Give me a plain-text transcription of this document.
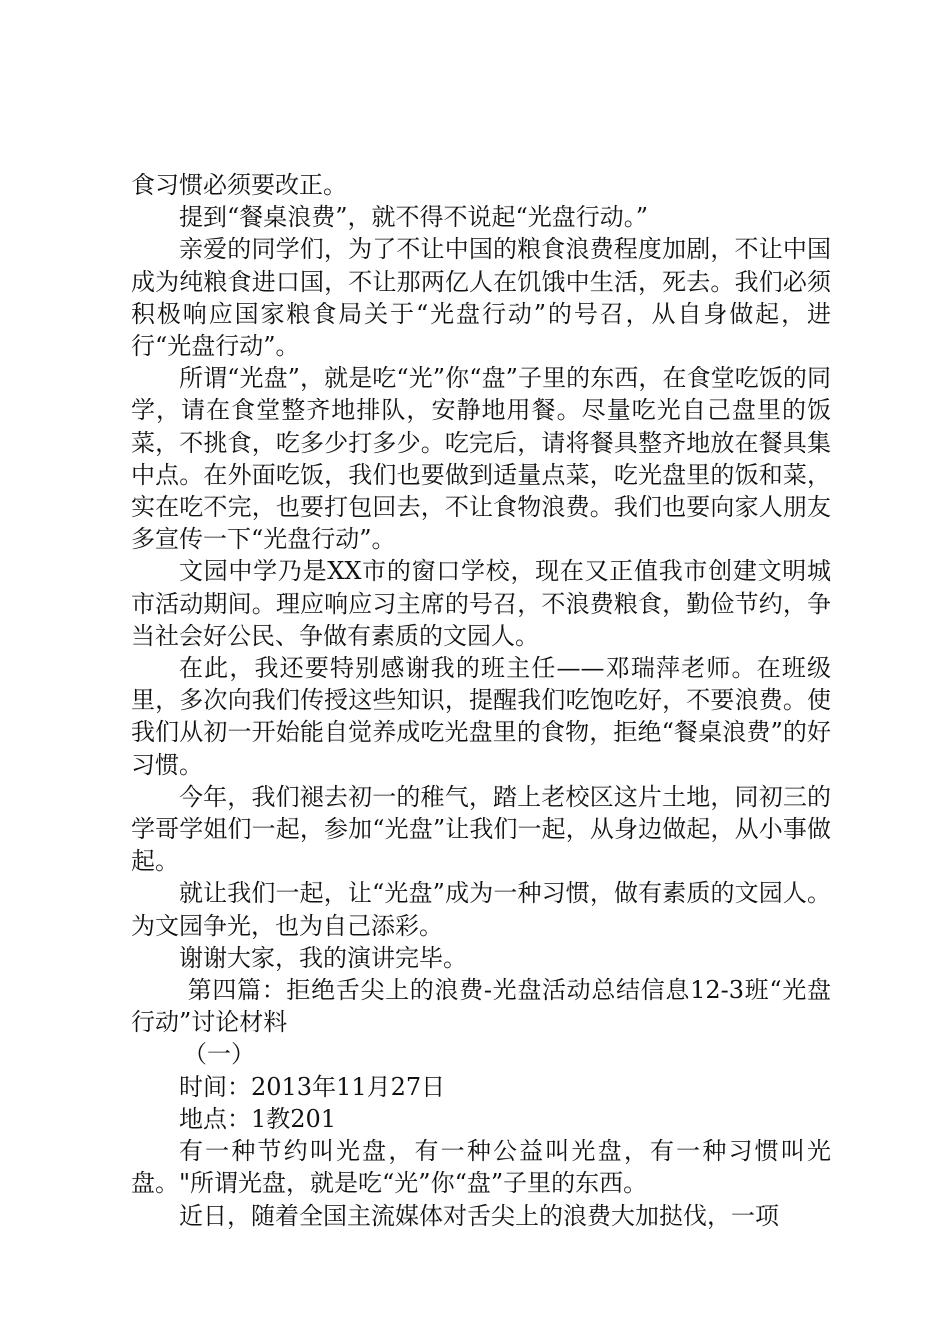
食习惯必须要改正。

提到“餐桌浪费”，就不得不说起“光盘行动。”

亲爱的同学们，为了不让中国的粮食浪费程度加剧，不让中国成为纯粮食进口国，不让那两亿人在饥饿中生活，死去。我们必须积极响应国家粮食局关于“光盘行动”的号召，从自身做起，进行“光盘行动”。

所谓“光盘”，就是吃“光”你“盘”子里的东西，在食堂吃饭的同学，请在食堂整齐地排队，安静地用餐。尽量吃光自己盘里的饭菜，不挑食，吃多少打多少。吃完后，请将餐具整齐地放在餐具集中点。在外面吃饭，我们也要做到适量点菜，吃光盘里的饭和菜，实在吃不完，也要打包回去，不让食物浪费。我们也要向家人朋友多宣传一下“光盘行动”。

文园中学乃是XX市的窗口学校，现在又正值我市创建文明城市活动期间。理应响应习主席的号召，不浪费粮食，勤俭节约，争当社会好公民、争做有素质的文园人。

在此，我还要特别感谢我的班主任——邓瑞萍老师。在班级里，多次向我们传授这些知识，提醒我们吃饱吃好，不要浪费。使我们从初一开始能自觉养成吃光盘里的食物，拒绝“餐桌浪费”的好习惯。

今年，我们褪去初一的稚气，踏上老校区这片土地，同初三的学哥学姐们一起，参加“光盘”让我们一起，从身边做起，从小事做起。

就让我们一起，让“光盘”成为一种习惯，做有素质的文园人。为文园争光，也为自己添彩。

谢谢大家，我的演讲完毕。

第四篇：拒绝舌尖上的浪费-光盘活动总结信息12-3班“光盘行动”讨论材料

（一）

时间：2013年11月27日

地点：1教201

有一种节约叫光盘，有一种公益叫光盘，有一种习惯叫光盘。"所谓光盘，就是吃“光”你“盘”子里的东西。

近日，随着全国主流媒体对舌尖上的浪费大加挞伐，一项
